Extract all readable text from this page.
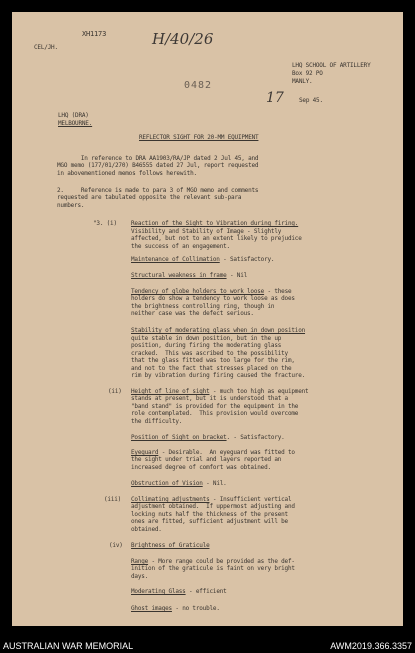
XH1173
CEL/JH.	H/40/26
0482
LHQ SCHOOL OF ARTILLERY
Box 92 PO
MANLY.
17	Sep 45.
LHQ (DRA)
MELBOURNE.
REFLECTOR SIGHT FOR 20-MM EQUIPMENT
In reference to DRA AA1903/RA/JP dated 2 Jul 45, and
MGO memo (177/01/270) B46555 dated 27 Jul, report requested
in abovementioned memos follows herewith.
2.     Reference is made to para 3 of MGO memo and comments
requested are tabulated opposite the relevant sub-para
numbers.
"3. (i) Reaction of the Sight to Vibration during firing.
Visibility and Stability of Image - Slightly
affected, but not to an extent likely to prejudice
the success of an engagement.
Maintenance of Collimation - Satisfactory.
Structural weakness in frame - Nil
Tendency of globe holders to work loose - these
holders do show a tendency to work loose as does
the brightness controlling ring, though in
neither case was the defect serious.
Stability of moderating glass when in down position
quite stable in down position, but in the up
position, during firing the moderating glass
cracked.  This was ascribed to the possibility
that the glass fitted was too large for the rim,
and not to the fact that stresses placed on the
rim by vibration during firing caused the fracture.
(ii) Height of line of sight - much too high as equipment
stands at present, but it is understood that a
"band stand" is provided for the equipment in the
role contemplated.  This provision would overcome
the difficulty.
Position of Sight on bracket. - Satisfactory.
Eyeguard - Desirable.  An eyeguard was fitted to
the sight under trial and layers reported an
increased degree of comfort was obtained.
Obstruction of Vision - Nil.
(iii) Collimating adjustments - Insufficient vertical
adjustment obtained.  If uppermost adjusting and
locking nuts half the thickness of the present
ones are fitted, sufficient adjustment will be
obtained.
(iv) Brightness of Graticule
Range - More range could be provided as the def-
inition of the graticule is faint on very bright
days.
Moderating Glass - efficient
Ghost images - no trouble.
AUSTRALIAN WAR MEMORIAL	AWM2019.366.3357
